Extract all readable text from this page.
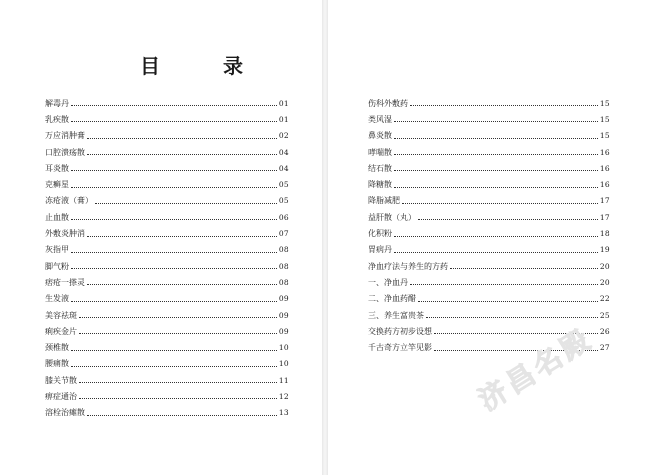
目 录
解毒丹	01
乳疾散	01
万应消肿膏	02
口腔溃疡散	04
耳炎散	04
克癣星	05
冻疮液（膏）	05
止血散	06
外敷炎肿消	07
灰指甲	08
脚气粉	08
痞疮一搽灵	08
生发液	09
美容祛斑	09
痢疾金片	09
颈椎散	10
腰痛散	10
膝关节散	11
痹症通治	12
溶栓治瘫散	13
伤科外敷药	15
类风湿	15
鼻炎散	15
哮喘散	16
结石散	16
降糖散	16
降脂减肥	17
益肝散（丸）	17
化积粉	18
胃病丹	19
净血疗法与养生的方药	20
一、净血丹	20
二、净血药醋	22
三、养生富贵茶	25
交换药方初步设想	26
千古奇方立竿见影	27
济昌名殿
